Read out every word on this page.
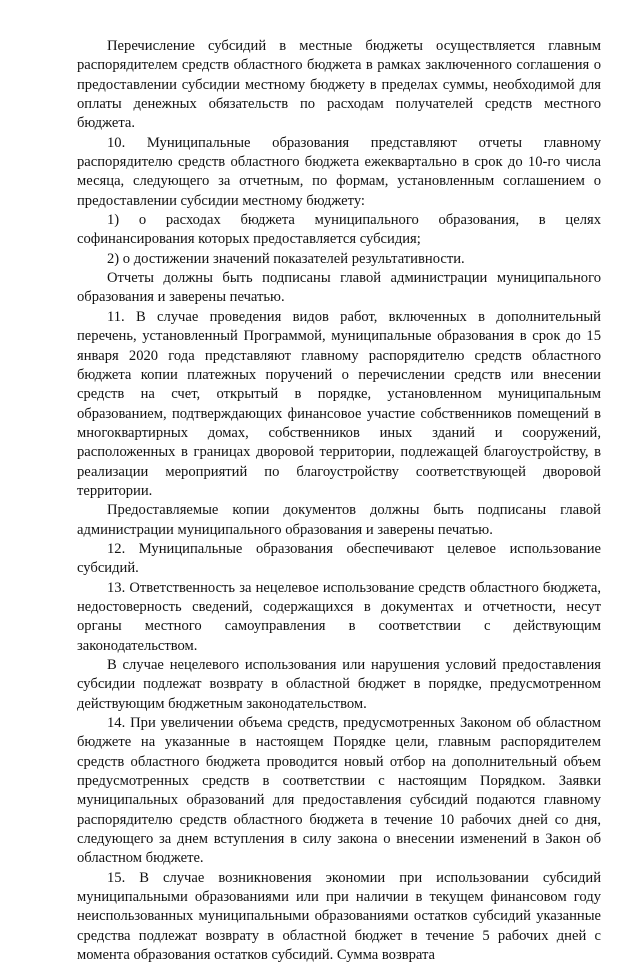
Перечисление субсидий в местные бюджеты осуществляется главным распорядителем средств областного бюджета в рамках заключенного соглашения о предоставлении субсидии местному бюджету в пределах суммы, необходимой для оплаты денежных обязательств по расходам получателей средств местного бюджета.

10. Муниципальные образования представляют отчеты главному распорядителю средств областного бюджета ежеквартально в срок до 10-го числа месяца, следующего за отчетным, по формам, установленным соглашением о предоставлении субсидии местному бюджету:

1) о расходах бюджета муниципального образования, в целях софинансирования которых предоставляется субсидия;

2) о достижении значений показателей результативности.

Отчеты должны быть подписаны главой администрации муниципального образования и заверены печатью.

11. В случае проведения видов работ, включенных в дополнительный перечень, установленный Программой, муниципальные образования в срок до 15 января 2020 года представляют главному распорядителю средств областного бюджета копии платежных поручений о перечислении средств или внесении средств на счет, открытый в порядке, установленном муниципальным образованием, подтверждающих финансовое участие собственников помещений в многоквартирных домах, собственников иных зданий и сооружений, расположенных в границах дворовой территории, подлежащей благоустройству, в реализации мероприятий по благоустройству соответствующей дворовой территории.

Предоставляемые копии документов должны быть подписаны главой администрации муниципального образования и заверены печатью.

12. Муниципальные образования обеспечивают целевое использование субсидий.

13. Ответственность за нецелевое использование средств областного бюджета, недостоверность сведений, содержащихся в документах и отчетности, несут органы местного самоуправления в соответствии с действующим законодательством.

В случае нецелевого использования или нарушения условий предоставления субсидии подлежат возврату в областной бюджет в порядке, предусмотренном действующим бюджетным законодательством.

14. При увеличении объема средств, предусмотренных Законом об областном бюджете на указанные в настоящем Порядке цели, главным распорядителем средств областного бюджета проводится новый отбор на дополнительный объем предусмотренных средств в соответствии с настоящим Порядком. Заявки муниципальных образований для предоставления субсидий подаются главному распорядителю средств областного бюджета в течение 10 рабочих дней со дня, следующего за днем вступления в силу закона о внесении изменений в Закон об областном бюджете.

15. В случае возникновения экономии при использовании субсидий муниципальными образованиями или при наличии в текущем финансовом году неиспользованных муниципальными образованиями остатков субсидий указанные средства подлежат возврату в областной бюджет в течение 5 рабочих дней с момента образования остатков субсидий. Сумма возврата
